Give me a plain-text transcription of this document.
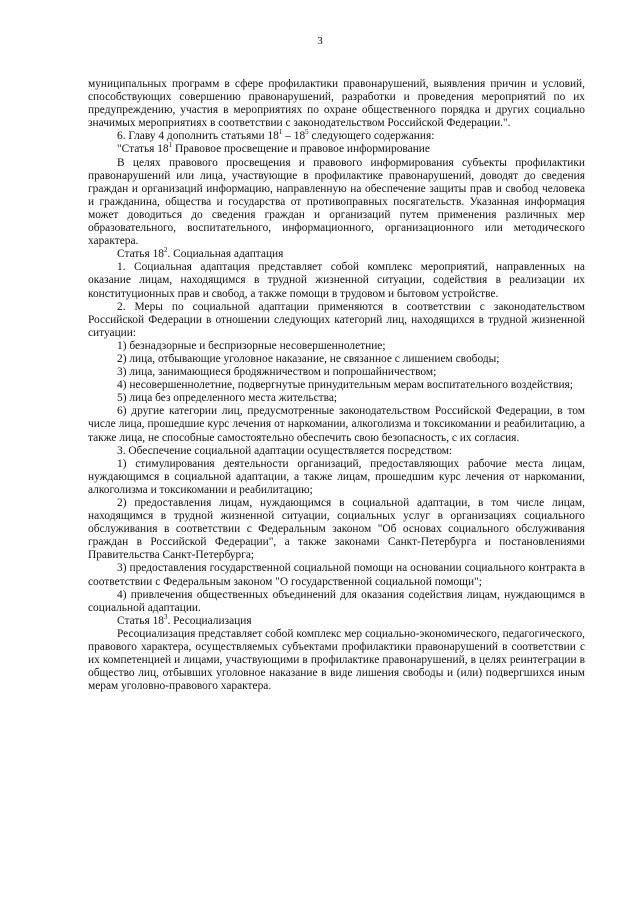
3

муниципальных программ в сфере профилактики правонарушений, выявления причин и условий, способствующих совершению правонарушений, разработки и проведения мероприятий по их предупреждению, участия в мероприятиях по охране общественного порядка и других социально значимых мероприятиях в соответствии с законодательством Российской Федерации.".

6. Главу 4 дополнить статьями $18^1 - 18^5$ следующего содержания:

"Статья $18^1$ Правовое просвещение и правовое информирование

В целях правового просвещения и правового информирования субъекты профилактики правонарушений или лица, участвующие в профилактике правонарушений, доводят до сведения граждан и организаций информацию, направленную на обеспечение защиты прав и свобод человека и гражданина, общества и государства от противоправных посягательств. Указанная информация может доводиться до сведения граждан и организаций путем применения различных мер образовательного, воспитательного, информационного, организационного или методического характера.

Статья $18^2$. Социальная адаптация

1. Социальная адаптация представляет собой комплекс мероприятий, направленных на оказание лицам, находящимся в трудной жизненной ситуации, содействия в реализации их конституционных прав и свобод, а также помощи в трудовом и бытовом устройстве.

2. Меры по социальной адаптации применяются в соответствии с законодательством Российской Федерации в отношении следующих категорий лиц, находящихся в трудной жизненной ситуации:

1) безнадзорные и беспризорные несовершеннолетние;

2) лица, отбывающие уголовное наказание, не связанное с лишением свободы;

3) лица, занимающиеся бродяжничеством и попрошайничеством;

4) несовершеннолетние, подвергнутые принудительным мерам воспитательного воздействия;

5) лица без определенного места жительства;

6) другие категории лиц, предусмотренные законодательством Российской Федерации, в том числе лица, прошедшие курс лечения от наркомании, алкоголизма и токсикомании и реабилитацию, а также лица, не способные самостоятельно обеспечить свою безопасность, с их согласия.

3. Обеспечение социальной адаптации осуществляется посредством:

1) стимулирования деятельности организаций, предоставляющих рабочие места лицам, нуждающимся в социальной адаптации, а также лицам, прошедшим курс лечения от наркомании, алкоголизма и токсикомании и реабилитацию;

2) предоставления лицам, нуждающимся в социальной адаптации, в том числе лицам, находящимся в трудной жизненной ситуации, социальных услуг в организациях социального обслуживания в соответствии с Федеральным законом "Об основах социального обслуживания граждан в Российской Федерации", а также законами Санкт-Петербурга и постановлениями Правительства Санкт-Петербурга;

3) предоставления государственной социальной помощи на основании социального контракта в соответствии с Федеральным законом "О государственной социальной помощи";

4) привлечения общественных объединений для оказания содействия лицам, нуждающимся в социальной адаптации.

Статья $18^3$. Ресоциализация

Ресоциализация представляет собой комплекс мер социально-экономического, педагогического, правового характера, осуществляемых субъектами профилактики правонарушений в соответствии с их компетенцией и лицами, участвующими в профилактике правонарушений, в целях реинтеграции в общество лиц, отбывших уголовное наказание в виде лишения свободы и (или) подвергшихся иным мерам уголовно-правового характера.
